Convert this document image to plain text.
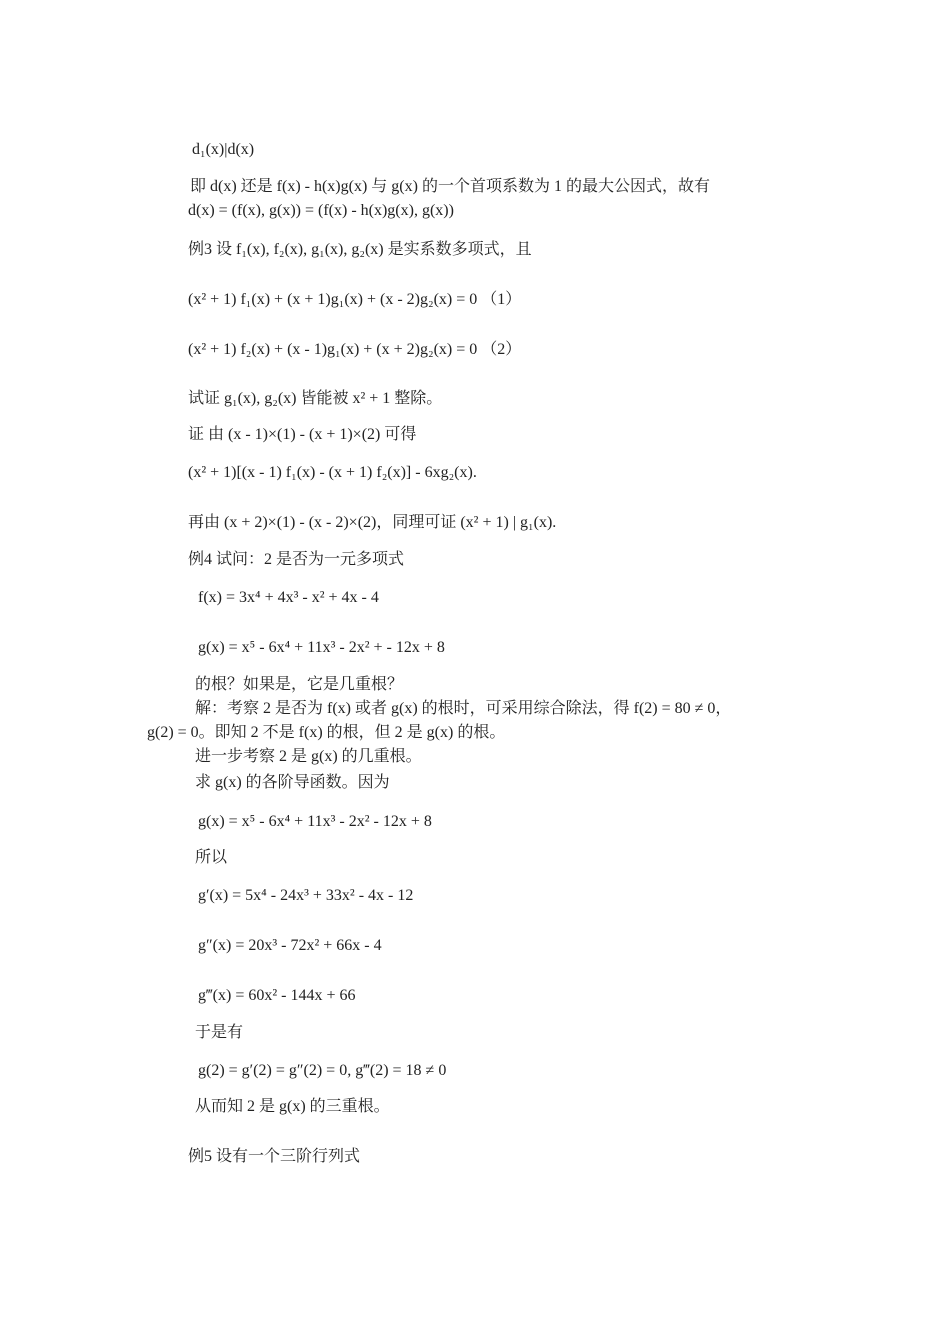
d₁(x)|d(x)
即 d(x) 还是 f(x) - h(x)g(x) 与 g(x) 的一个首项系数为 1 的最大公因式，故有
d(x) = (f(x), g(x)) = (f(x) - h(x)g(x), g(x))
例3 设 f₁(x), f₂(x), g₁(x), g₂(x) 是实系数多项式，且
(x² + 1) f₁(x) + (x + 1)g₁(x) + (x - 2)g₂(x) = 0 （1）
(x² + 1) f₂(x) + (x - 1)g₁(x) + (x + 2)g₂(x) = 0 （2）
试证 g₁(x), g₂(x) 皆能被 x² + 1 整除。
证 由 (x - 1)×(1) - (x + 1)×(2) 可得
(x² + 1)[(x - 1) f₁(x) - (x + 1) f₂(x)] - 6xg₂(x).
再由 (x + 2)×(1) - (x - 2)×(2)，同理可证 (x² + 1) | g₁(x).
例4 试问：2 是否为一元多项式
f(x) = 3x⁴ + 4x³ - x² + 4x - 4
g(x) = x⁵ - 6x⁴ + 11x³ - 2x² + - 12x + 8
的根？如果是，它是几重根？
解：考察 2 是否为 f(x) 或者 g(x) 的根时，可采用综合除法，得 f(2) = 80 ≠ 0，
g(2) = 0。即知 2 不是 f(x) 的根，但 2 是 g(x) 的根。
进一步考察 2 是 g(x) 的几重根。
求 g(x) 的各阶导函数。因为
g(x) = x⁵ - 6x⁴ + 11x³ - 2x² - 12x + 8
所以
g′(x) = 5x⁴ - 24x³ + 33x² - 4x - 12
g″(x) = 20x³ - 72x² + 66x - 4
g‴(x) = 60x² - 144x + 66
于是有
g(2) = g′(2) = g″(2) = 0, g‴(2) = 18 ≠ 0
从而知 2 是 g(x) 的三重根。
例5 设有一个三阶行列式
